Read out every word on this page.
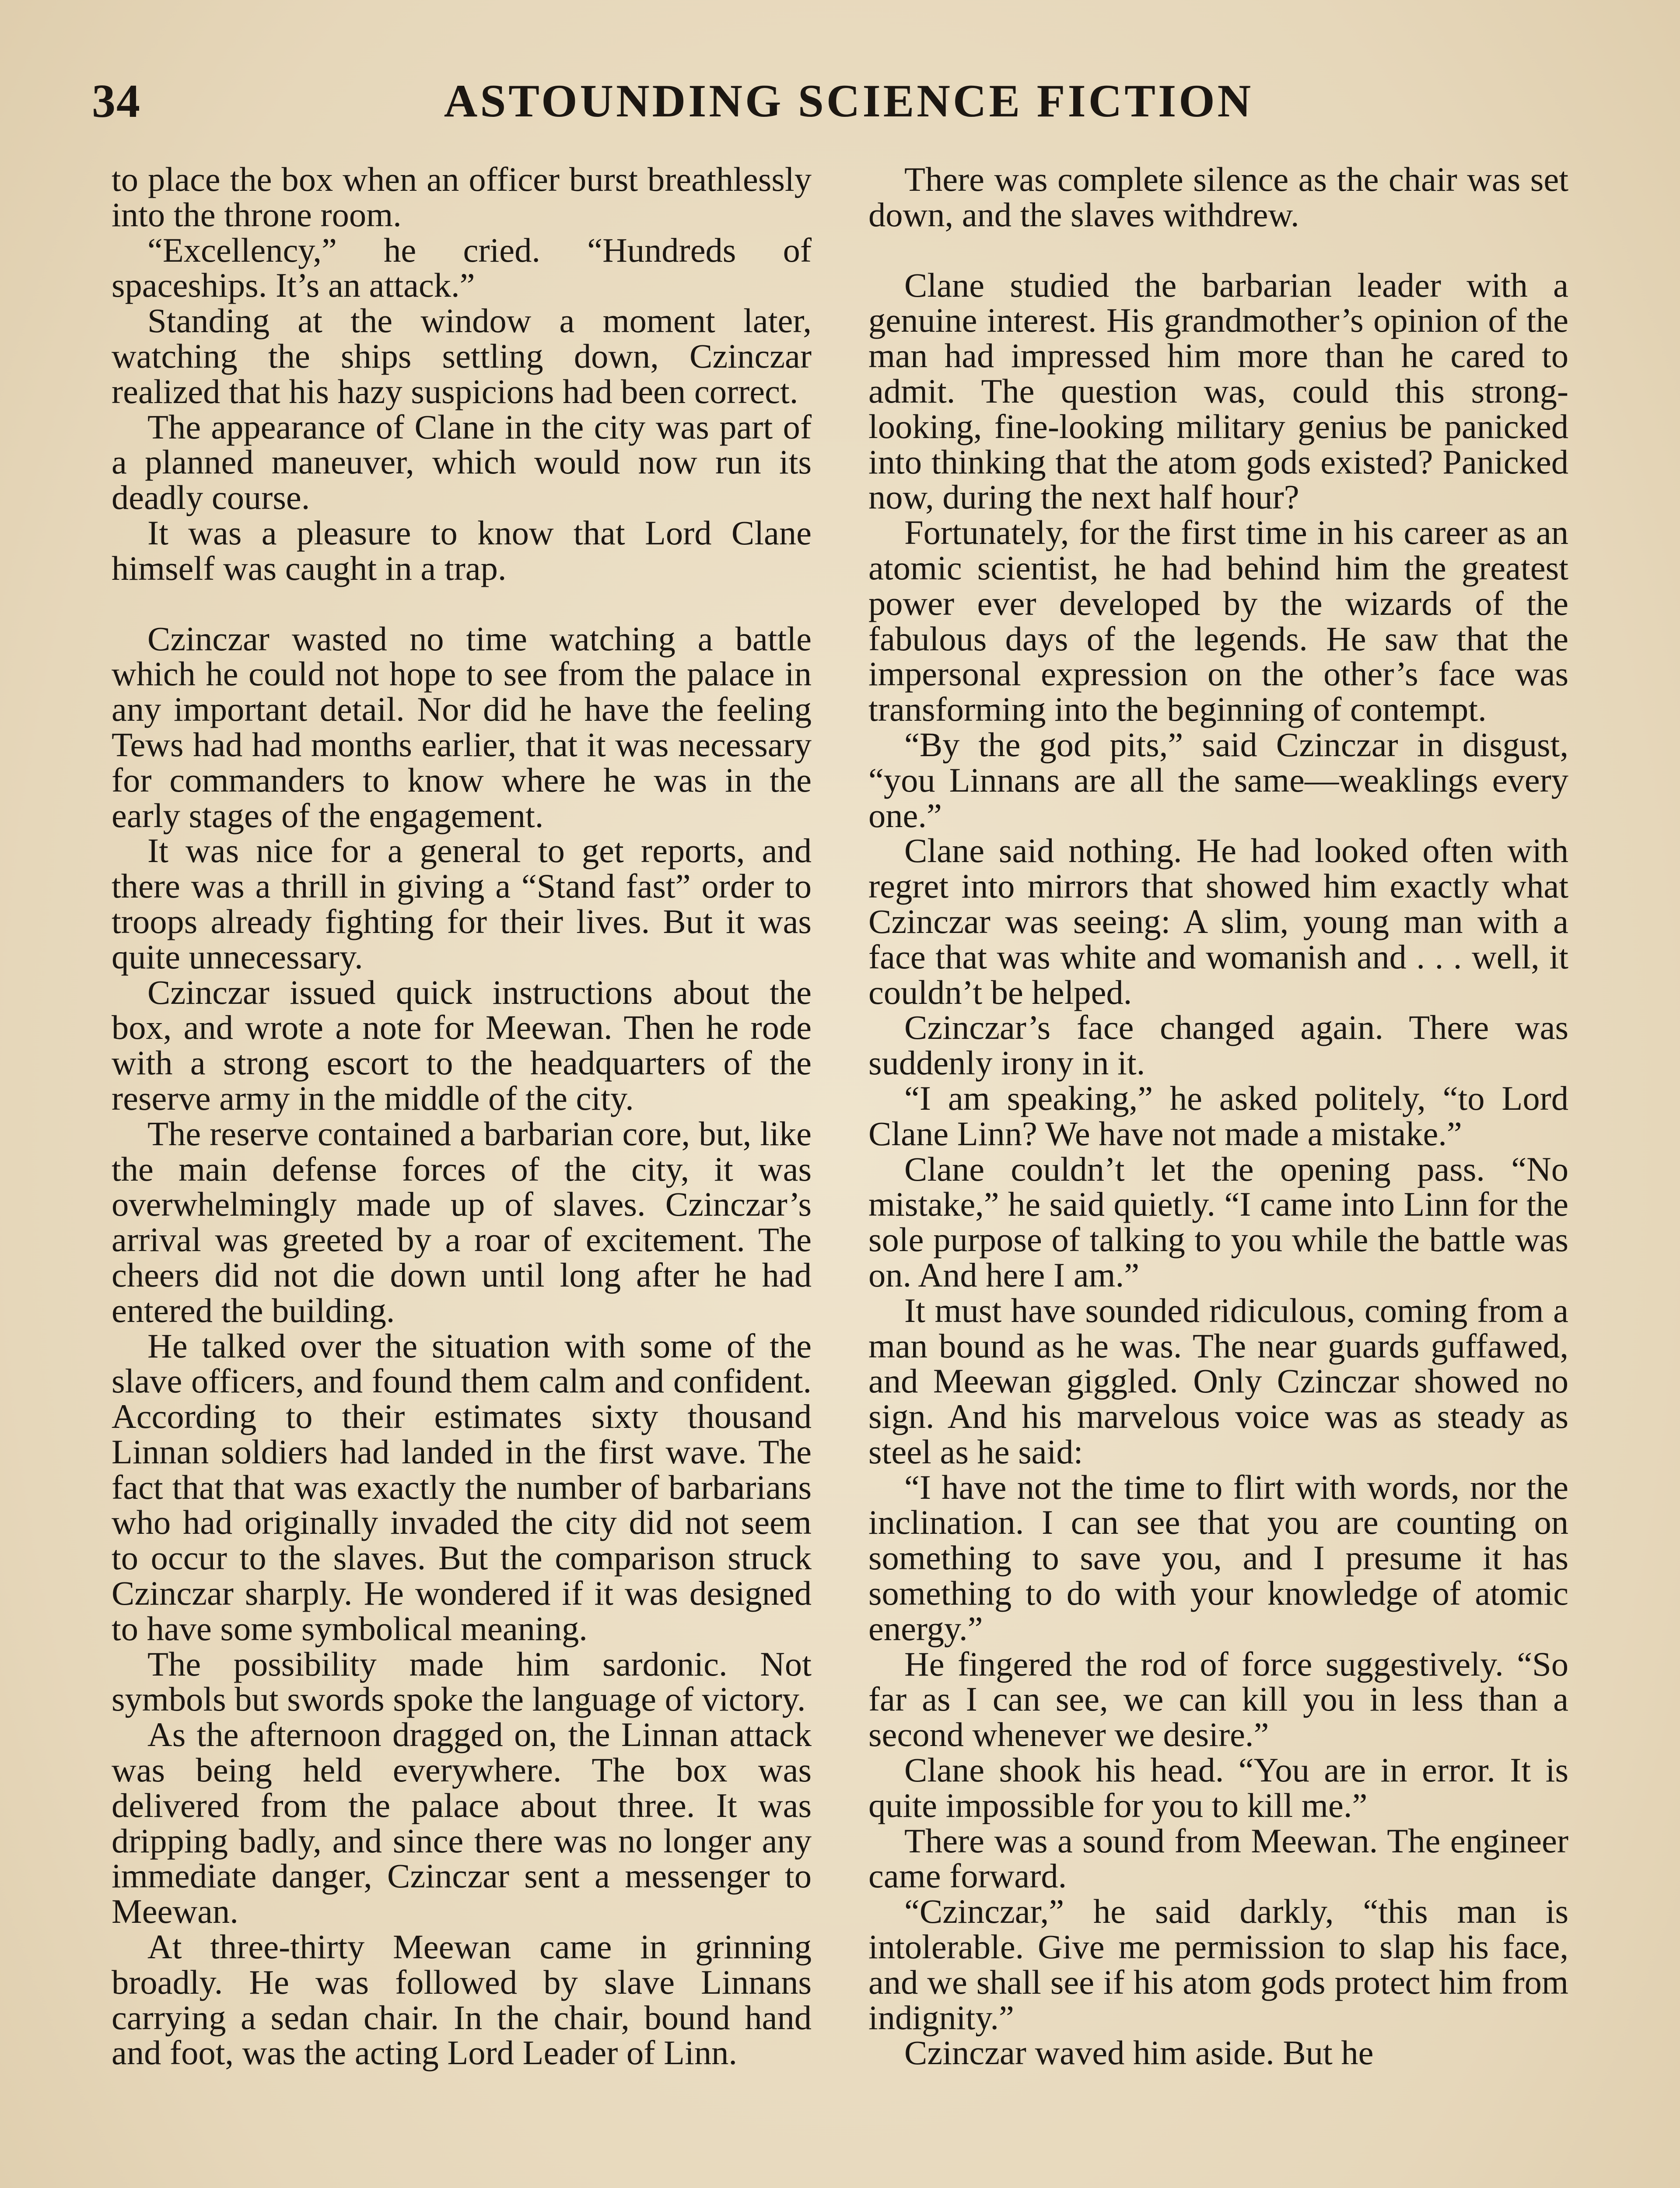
34	ASTOUNDING SCIENCE FICTION

to place the box when an officer burst breathlessly into the throne room.

“Excellency,” he cried. “Hundreds of spaceships. It’s an attack.”

Standing at the window a moment later, watching the ships settling down, Czinczar realized that his hazy suspicions had been correct.

The appearance of Clane in the city was part of a planned maneuver, which would now run its deadly course.

It was a pleasure to know that Lord Clane himself was caught in a trap.

Czinczar wasted no time watching a battle which he could not hope to see from the palace in any important detail. Nor did he have the feeling Tews had had months earlier, that it was necessary for commanders to know where he was in the early stages of the engagement.

It was nice for a general to get reports, and there was a thrill in giving a “Stand fast” order to troops already fighting for their lives. But it was quite unnecessary.

Czinczar issued quick instructions about the box, and wrote a note for Meewan. Then he rode with a strong escort to the headquarters of the reserve army in the middle of the city.

The reserve contained a barbarian core, but, like the main defense forces of the city, it was overwhelmingly made up of slaves. Czinczar’s arrival was greeted by a roar of excitement. The cheers did not die down until long after he had entered the building.

He talked over the situation with some of the slave officers, and found them calm and confident. According to their estimates sixty thousand Linnan soldiers had landed in the first wave. The fact that that was exactly the number of barbarians who had originally invaded the city did not seem to occur to the slaves. But the comparison struck Czinczar sharply. He wondered if it was designed to have some symbolical meaning.

The possibility made him sardonic. Not symbols but swords spoke the language of victory.

As the afternoon dragged on, the Linnan attack was being held everywhere. The box was delivered from the palace about three. It was dripping badly, and since there was no longer any immediate danger, Czinczar sent a messenger to Meewan.

At three-thirty Meewan came in grinning broadly. He was followed by slave Linnans carrying a sedan chair. In the chair, bound hand and foot, was the acting Lord Leader of Linn.

There was complete silence as the chair was set down, and the slaves withdrew.

Clane studied the barbarian leader with a genuine interest. His grandmother’s opinion of the man had impressed him more than he cared to admit. The question was, could this strong-looking, fine-looking military genius be panicked into thinking that the atom gods existed? Panicked now, during the next half hour?

Fortunately, for the first time in his career as an atomic scientist, he had behind him the greatest power ever developed by the wizards of the fabulous days of the legends. He saw that the impersonal expression on the other’s face was transforming into the beginning of contempt.

“By the god pits,” said Czinczar in disgust, “you Linnans are all the same—weaklings every one.”

Clane said nothing. He had looked often with regret into mirrors that showed him exactly what Czinczar was seeing: A slim, young man with a face that was white and womanish and . . . well, it couldn’t be helped.

Czinczar’s face changed again. There was suddenly irony in it.

“I am speaking,” he asked politely, “to Lord Clane Linn? We have not made a mistake.”

Clane couldn’t let the opening pass. “No mistake,” he said quietly. “I came into Linn for the sole purpose of talking to you while the battle was on. And here I am.”

It must have sounded ridiculous, coming from a man bound as he was. The near guards guffawed, and Meewan giggled. Only Czinczar showed no sign. And his marvelous voice was as steady as steel as he said:

“I have not the time to flirt with words, nor the inclination. I can see that you are counting on something to save you, and I presume it has something to do with your knowledge of atomic energy.”

He fingered the rod of force suggestively. “So far as I can see, we can kill you in less than a second whenever we desire.”

Clane shook his head. “You are in error. It is quite impossible for you to kill me.”

There was a sound from Meewan. The engineer came forward.

“Czinczar,” he said darkly, “this man is intolerable. Give me permission to slap his face, and we shall see if his atom gods protect him from indignity.”

Czinczar waved him aside. But he
